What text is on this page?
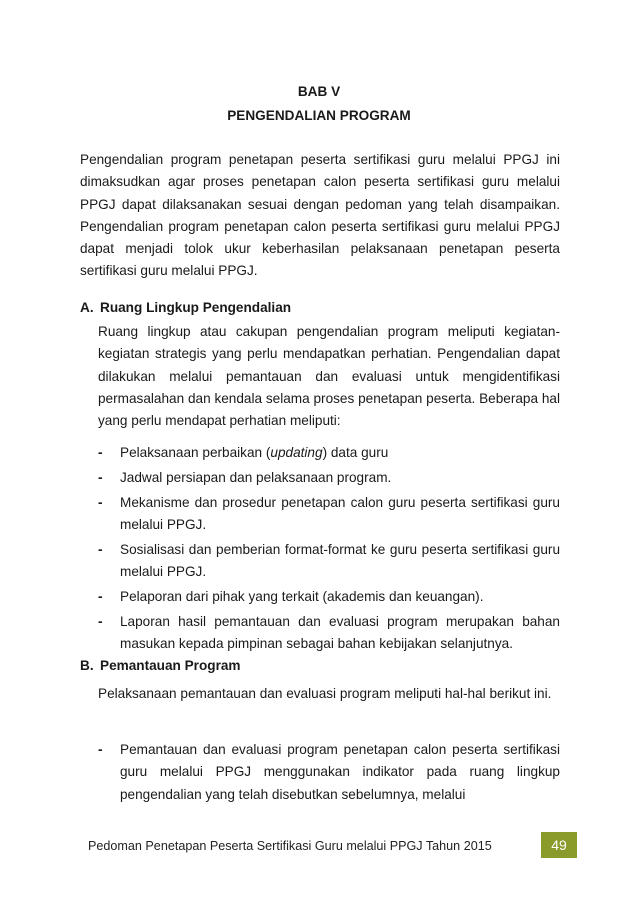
BAB V
PENGENDALIAN PROGRAM

Pengendalian program penetapan peserta sertifikasi guru melalui PPGJ ini dimaksudkan agar proses penetapan calon peserta sertifikasi guru melalui PPGJ dapat dilaksanakan sesuai dengan pedoman yang telah disampaikan. Pengendalian program penetapan calon peserta sertifikasi guru melalui PPGJ dapat menjadi tolok ukur keberhasilan pelaksanaan penetapan peserta sertifikasi guru melalui PPGJ.

A. Ruang Lingkup Pengendalian

Ruang lingkup atau cakupan pengendalian program meliputi kegiatan-kegiatan strategis yang perlu mendapatkan perhatian. Pengendalian dapat dilakukan melalui pemantauan dan evaluasi untuk mengidentifikasi permasalahan dan kendala selama proses penetapan peserta. Beberapa hal yang perlu mendapat perhatian meliputi:

- Pelaksanaan perbaikan (updating) data guru
- Jadwal persiapan dan pelaksanaan program.
- Mekanisme dan prosedur penetapan calon guru peserta sertifikasi guru melalui PPGJ.
- Sosialisasi dan pemberian format-format ke guru peserta sertifikasi guru melalui PPGJ.
- Pelaporan dari pihak yang terkait (akademis dan keuangan).
- Laporan hasil pemantauan dan evaluasi program merupakan bahan masukan kepada pimpinan sebagai bahan kebijakan selanjutnya.
B. Pemantauan Program

Pelaksanaan pemantauan dan evaluasi program meliputi hal-hal berikut ini.

- Pemantauan dan evaluasi program penetapan calon peserta sertifikasi guru melalui PPGJ menggunakan indikator pada ruang lingkup pengendalian yang telah disebutkan sebelumnya, melalui
Pedoman Penetapan Peserta Sertifikasi Guru melalui PPGJ Tahun 2015	49
